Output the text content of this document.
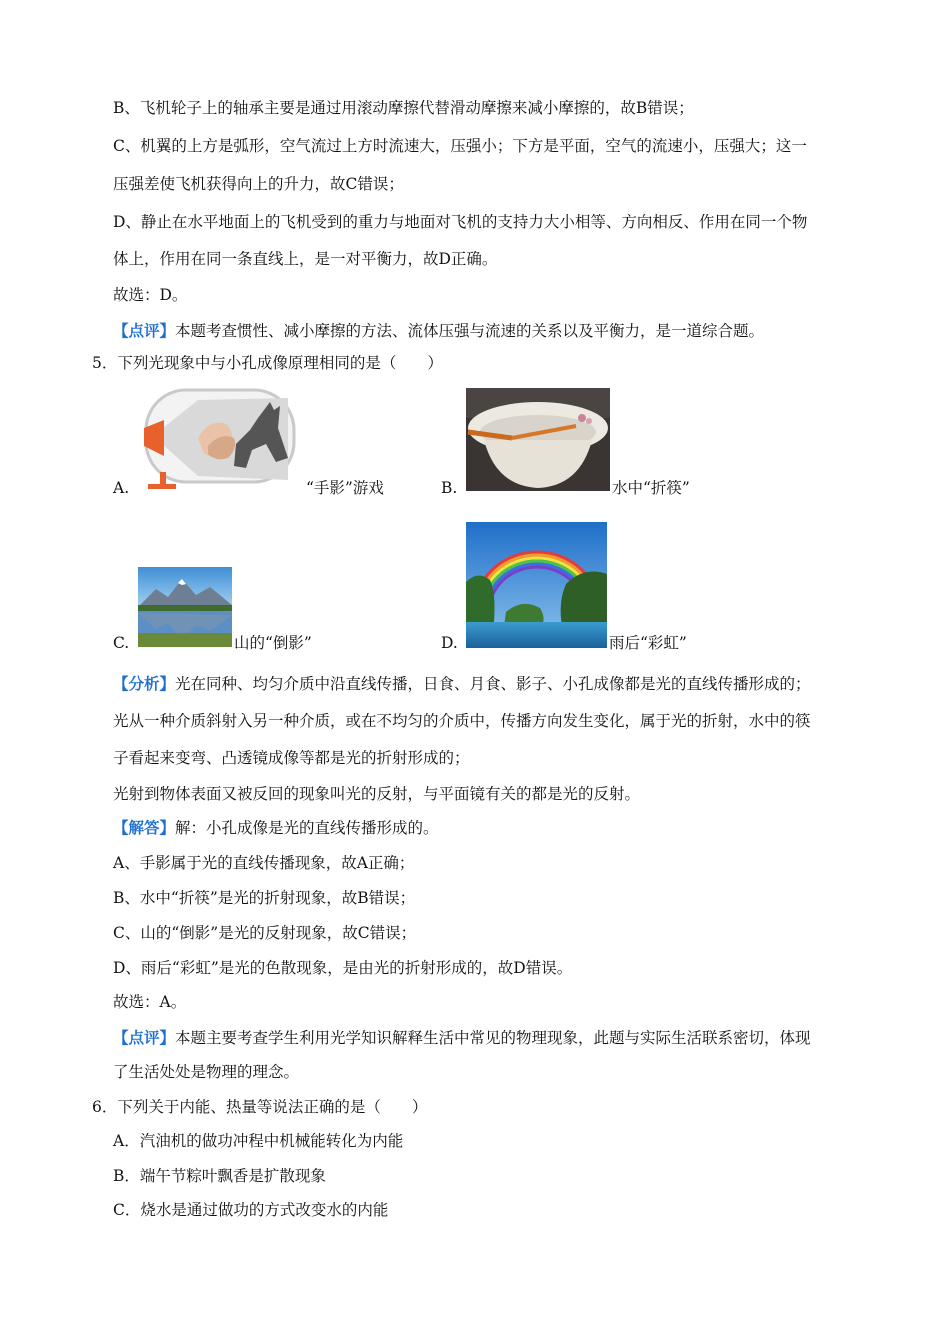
B、飞机轮子上的轴承主要是通过用滚动摩擦代替滑动摩擦来减小摩擦的，故B错误；
C、机翼的上方是弧形，空气流过上方时流速大，压强小；下方是平面，空气的流速小，压强大；这一
压强差使飞机获得向上的升力，故C错误；
D、静止在水平地面上的飞机受到的重力与地面对飞机的支持力大小相等、方向相反、作用在同一个物
体上，作用在同一条直线上，是一对平衡力，故D正确。
故选：D。
【点评】本题考查惯性、减小摩擦的方法、流体压强与流速的关系以及平衡力，是一道综合题。
5．下列光现象中与小孔成像原理相同的是（　　）
A.	“手影”游戏	B.	水中“折筷”
C.	山的“倒影”	D.	雨后“彩虹”
【分析】光在同种、均匀介质中沿直线传播，日食、月食、影子、小孔成像都是光的直线传播形成的；
光从一种介质斜射入另一种介质，或在不均匀的介质中，传播方向发生变化，属于光的折射，水中的筷
子看起来变弯、凸透镜成像等都是光的折射形成的；
光射到物体表面又被反回的现象叫光的反射，与平面镜有关的都是光的反射。
【解答】解：小孔成像是光的直线传播形成的。
A、手影属于光的直线传播现象，故A正确；
B、水中“折筷”是光的折射现象，故B错误；
C、山的“倒影”是光的反射现象，故C错误；
D、雨后“彩虹”是光的色散现象，是由光的折射形成的，故D错误。
故选：A。
【点评】本题主要考查学生利用光学知识解释生活中常见的物理现象，此题与实际生活联系密切，体现
了生活处处是物理的理念。
6．下列关于内能、热量等说法正确的是（　　）
A．汽油机的做功冲程中机械能转化为内能
B．端午节粽叶飘香是扩散现象
C．烧水是通过做功的方式改变水的内能
